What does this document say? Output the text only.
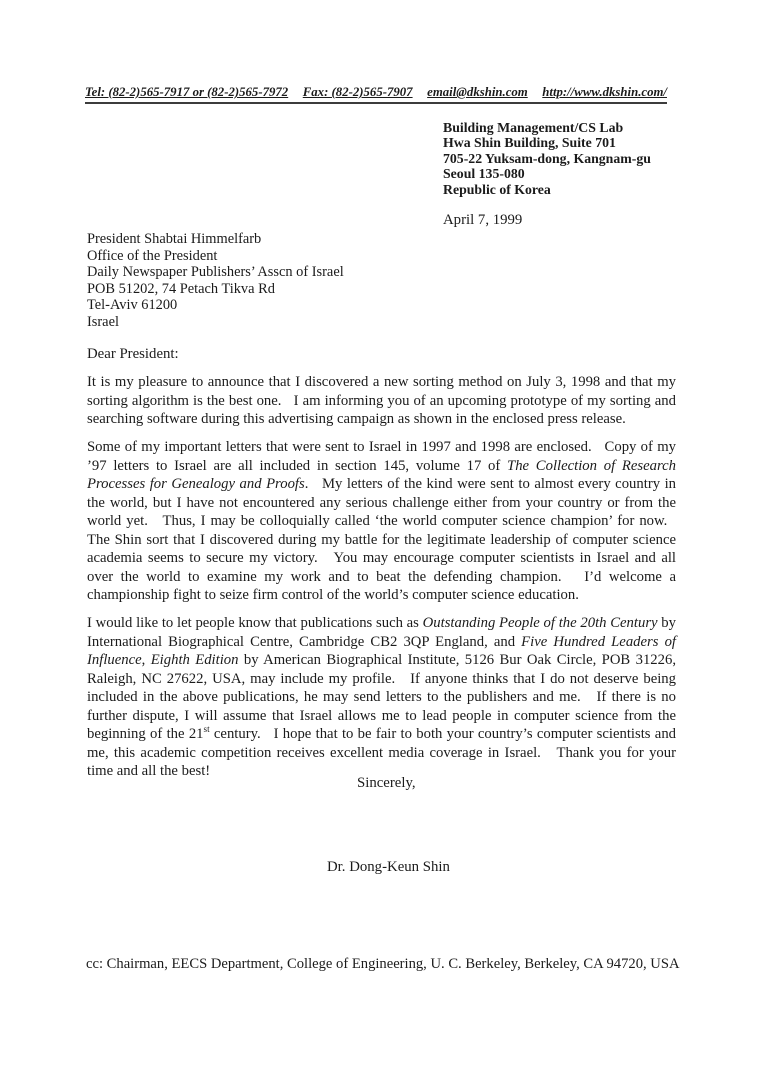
Tel: (82-2)565-7917 or (82-2)565-7972 Fax: (82-2)565-7907 email@dkshin.com http://www.dkshin.com/
Building Management/CS Lab
Hwa Shin Building, Suite 701
705-22 Yuksam-dong, Kangnam-gu
Seoul 135-080
Republic of Korea
April 7, 1999
President Shabtai Himmelfarb
Office of the President
Daily Newspaper Publishers’ Asscn of Israel
POB 51202, 74 Petach Tikva Rd
Tel-Aviv 61200
Israel
Dear President:

It is my pleasure to announce that I discovered a new sorting method on July 3, 1998 and that my sorting algorithm is the best one.   I am informing you of an upcoming prototype of my sorting and searching software during this advertising campaign as shown in the enclosed press release.

Some of my important letters that were sent to Israel in 1997 and 1998 are enclosed.   Copy of my ’97 letters to Israel are all included in section 145, volume 17 of The Collection of Research Processes for Genealogy and Proofs.   My letters of the kind were sent to almost every country in the world, but I have not encountered any serious challenge either from your country or from the world yet.   Thus, I may be colloquially called ‘the world computer science champion’ for now.   The Shin sort that I discovered during my battle for the legitimate leadership of computer science academia seems to secure my victory.   You may encourage computer scientists in Israel and all over the world to examine my work and to beat the defending champion.   I’d welcome a championship fight to seize firm control of the world’s computer science education.

I would like to let people know that publications such as Outstanding People of the 20th Century by International Biographical Centre, Cambridge CB2 3QP England, and Five Hundred Leaders of Influence, Eighth Edition by American Biographical Institute, 5126 Bur Oak Circle, POB 31226, Raleigh, NC 27622, USA, may include my profile.   If anyone thinks that I do not deserve being included in the above publications, he may send letters to the publishers and me.   If there is no further dispute, I will assume that Israel allows me to lead people in computer science from the beginning of the 21st century.   I hope that to be fair to both your country’s computer scientists and me, this academic competition receives excellent media coverage in Israel.   Thank you for your time and all the best!

Sincerely,
Dr. Dong-Keun Shin
cc: Chairman, EECS Department, College of Engineering, U. C. Berkeley, Berkeley, CA 94720, USA
